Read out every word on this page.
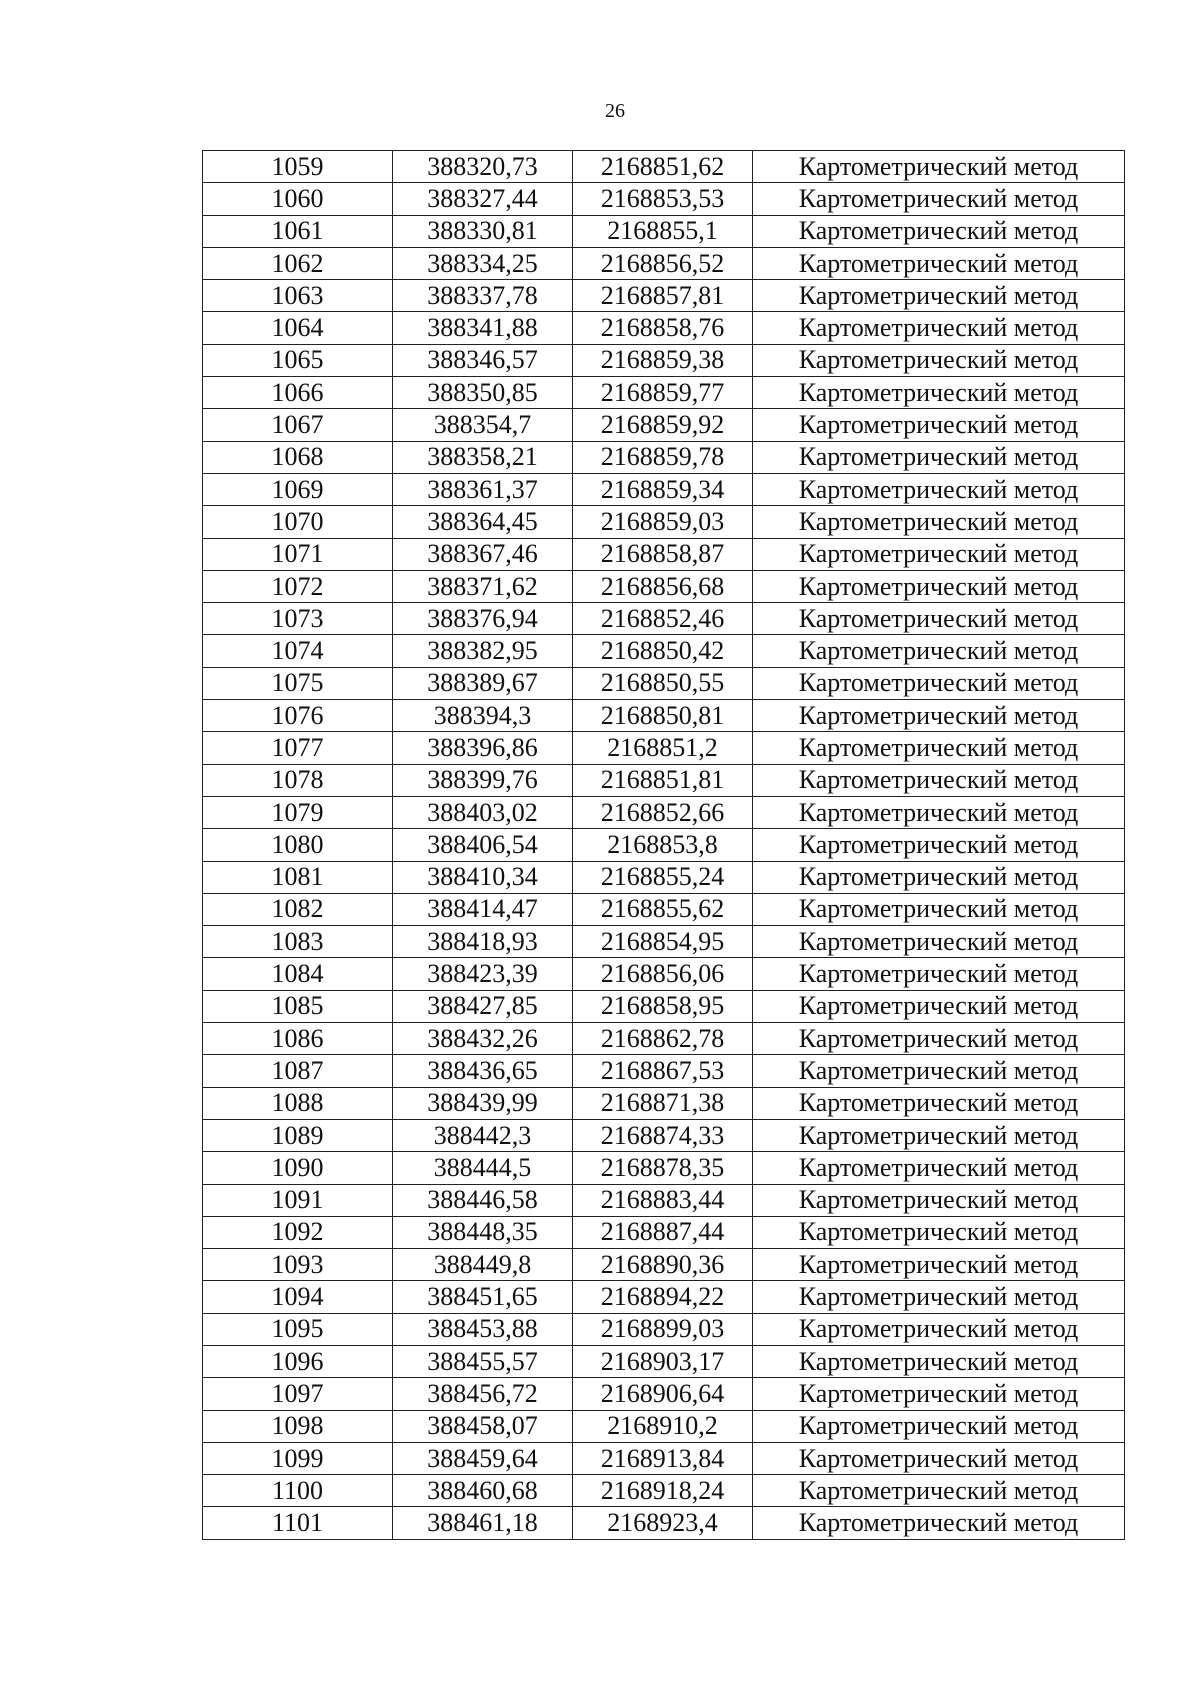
26
1059	388320,73	2168851,62	Картометрический метод
1060	388327,44	2168853,53	Картометрический метод
1061	388330,81	2168855,1	Картометрический метод
1062	388334,25	2168856,52	Картометрический метод
1063	388337,78	2168857,81	Картометрический метод
1064	388341,88	2168858,76	Картометрический метод
1065	388346,57	2168859,38	Картометрический метод
1066	388350,85	2168859,77	Картометрический метод
1067	388354,7	2168859,92	Картометрический метод
1068	388358,21	2168859,78	Картометрический метод
1069	388361,37	2168859,34	Картометрический метод
1070	388364,45	2168859,03	Картометрический метод
1071	388367,46	2168858,87	Картометрический метод
1072	388371,62	2168856,68	Картометрический метод
1073	388376,94	2168852,46	Картометрический метод
1074	388382,95	2168850,42	Картометрический метод
1075	388389,67	2168850,55	Картометрический метод
1076	388394,3	2168850,81	Картометрический метод
1077	388396,86	2168851,2	Картометрический метод
1078	388399,76	2168851,81	Картометрический метод
1079	388403,02	2168852,66	Картометрический метод
1080	388406,54	2168853,8	Картометрический метод
1081	388410,34	2168855,24	Картометрический метод
1082	388414,47	2168855,62	Картометрический метод
1083	388418,93	2168854,95	Картометрический метод
1084	388423,39	2168856,06	Картометрический метод
1085	388427,85	2168858,95	Картометрический метод
1086	388432,26	2168862,78	Картометрический метод
1087	388436,65	2168867,53	Картометрический метод
1088	388439,99	2168871,38	Картометрический метод
1089	388442,3	2168874,33	Картометрический метод
1090	388444,5	2168878,35	Картометрический метод
1091	388446,58	2168883,44	Картометрический метод
1092	388448,35	2168887,44	Картометрический метод
1093	388449,8	2168890,36	Картометрический метод
1094	388451,65	2168894,22	Картометрический метод
1095	388453,88	2168899,03	Картометрический метод
1096	388455,57	2168903,17	Картометрический метод
1097	388456,72	2168906,64	Картометрический метод
1098	388458,07	2168910,2	Картометрический метод
1099	388459,64	2168913,84	Картометрический метод
1100	388460,68	2168918,24	Картометрический метод
1101	388461,18	2168923,4	Картометрический метод
